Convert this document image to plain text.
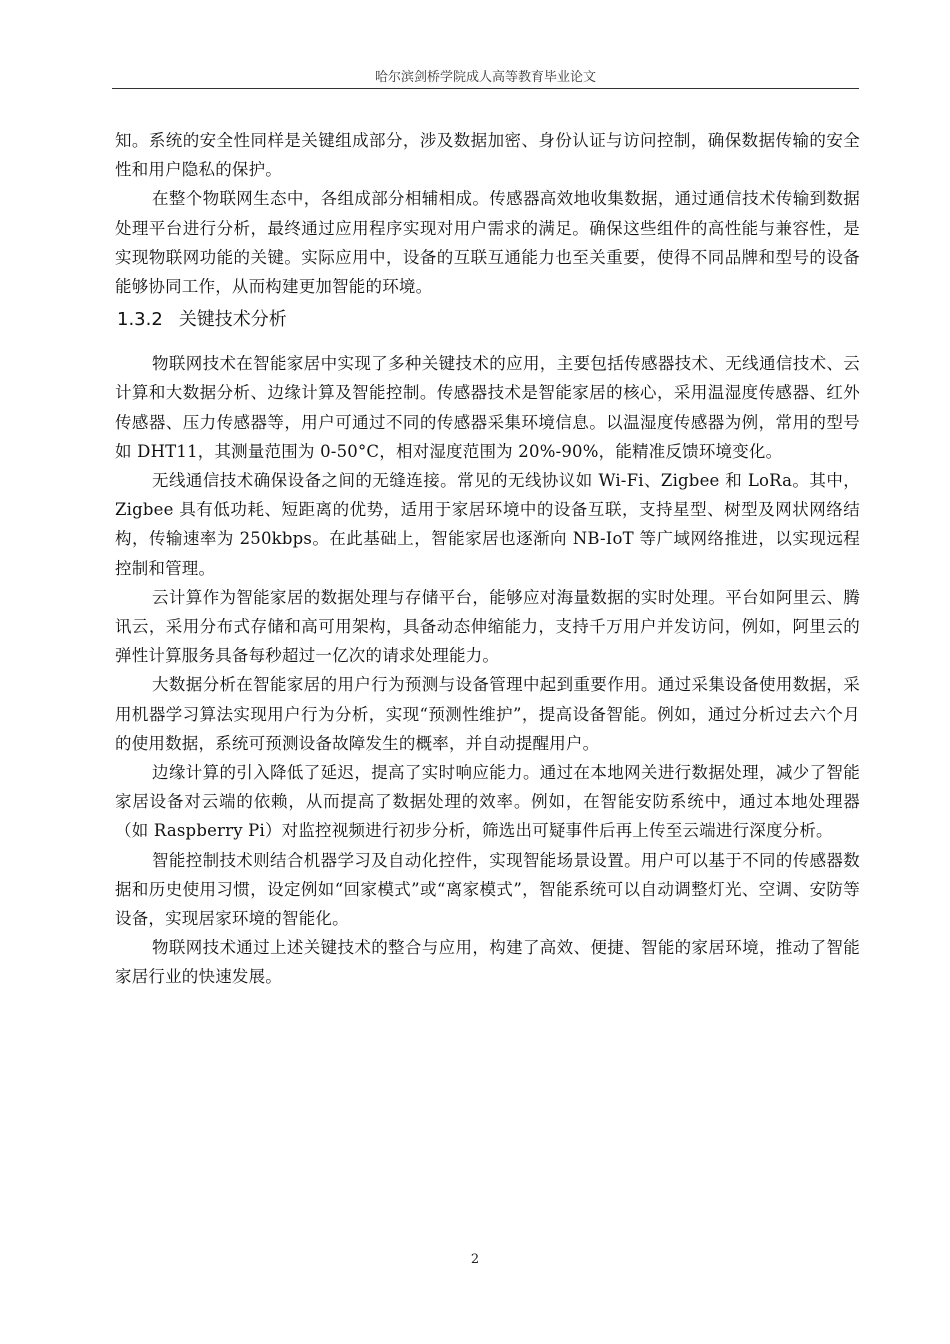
哈尔滨剑桥学院成人高等教育毕业论文

知。系统的安全性同样是关键组成部分，涉及数据加密、身份认证与访问控制，确保数据传输的安全性和用户隐私的保护。

在整个物联网生态中，各组成部分相辅相成。传感器高效地收集数据，通过通信技术传输到数据处理平台进行分析，最终通过应用程序实现对用户需求的满足。确保这些组件的高性能与兼容性，是实现物联网功能的关键。实际应用中，设备的互联互通能力也至关重要，使得不同品牌和型号的设备能够协同工作，从而构建更加智能的环境。

1.3.2 关键技术分析

物联网技术在智能家居中实现了多种关键技术的应用，主要包括传感器技术、无线通信技术、云计算和大数据分析、边缘计算及智能控制。传感器技术是智能家居的核心，采用温湿度传感器、红外传感器、压力传感器等，用户可通过不同的传感器采集环境信息。以温湿度传感器为例，常用的型号如 DHT11，其测量范围为 0-50°C，相对湿度范围为 20%-90%，能精准反馈环境变化。

无线通信技术确保设备之间的无缝连接。常见的无线协议如 Wi-Fi、Zigbee 和 LoRa。其中，Zigbee 具有低功耗、短距离的优势，适用于家居环境中的设备互联，支持星型、树型及网状网络结构，传输速率为 250kbps。在此基础上，智能家居也逐渐向 NB-IoT 等广域网络推进，以实现远程控制和管理。

云计算作为智能家居的数据处理与存储平台，能够应对海量数据的实时处理。平台如阿里云、腾讯云，采用分布式存储和高可用架构，具备动态伸缩能力，支持千万用户并发访问，例如，阿里云的弹性计算服务具备每秒超过一亿次的请求处理能力。

大数据分析在智能家居的用户行为预测与设备管理中起到重要作用。通过采集设备使用数据，采用机器学习算法实现用户行为分析，实现“预测性维护”，提高设备智能。例如，通过分析过去六个月的使用数据，系统可预测设备故障发生的概率，并自动提醒用户。

边缘计算的引入降低了延迟，提高了实时响应能力。通过在本地网关进行数据处理，减少了智能家居设备对云端的依赖，从而提高了数据处理的效率。例如，在智能安防系统中，通过本地处理器（如 Raspberry Pi）对监控视频进行初步分析，筛选出可疑事件后再上传至云端进行深度分析。

智能控制技术则结合机器学习及自动化控件，实现智能场景设置。用户可以基于不同的传感器数据和历史使用习惯，设定例如“回家模式”或“离家模式”，智能系统可以自动调整灯光、空调、安防等设备，实现居家环境的智能化。

物联网技术通过上述关键技术的整合与应用，构建了高效、便捷、智能的家居环境，推动了智能家居行业的快速发展。

2
